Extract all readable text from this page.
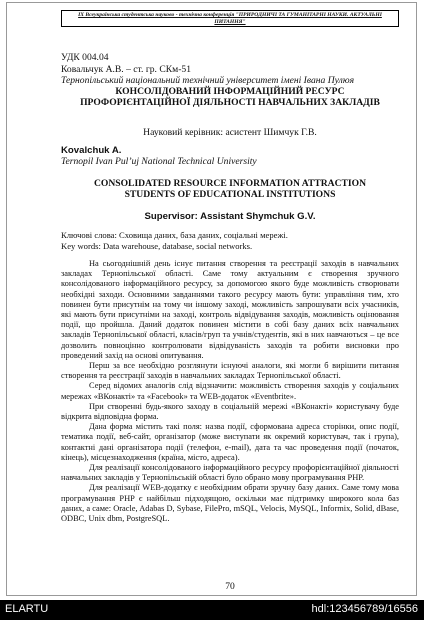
IX Всеукраїнська студентська науково - технічна конференція "ПРИРОДНИЧІ ТА ГУМАНІТАРНІ НАУКИ. АКТУАЛЬНІ ПИТАННЯ"
УДК 004.04
Ковальчук А.В. – ст. гр. СКм-51
Тернопільський національний технічний університет імені Івана Пулюя
КОНСОЛІДОВАНИЙ ІНФОРМАЦІЙНИЙ РЕСУРС
ПРОФОРІЄНТАЦІЙНОЇ ДІЯЛЬНОСТІ НАВЧАЛЬНИХ ЗАКЛАДІВ
Науковий керівник: асистент Шимчук Г.В.
Kovalchuk A.
Ternopil Ivan Pul’uj National Technical University
CONSOLIDATED RESOURCE INFORMATION ATTRACTION
STUDENTS OF EDUCATIONAL INSTITUTIONS
Supervisor: Assistant Shymchuk G.V.
Ключові слова: Сховища даних, база даних, соціальні мережі.
Key words: Data warehouse, database, social networks.

На сьогоднішній день існує питання створення та реєстрації заходів в навчальних закладах Тернопільської області. Саме тому актуальним є створення зручного консолідованого інформаційного ресурсу, за допомогою якого буде можливість створювати необхідні заходи. Основними завданнями такого ресурсу мають бути: управління тим, хто повинен бути присутнім на тому чи іншому заході, можливість запрошувати всіх учасників, які мають бути присутніми на заході, контроль відвідування заходів, можливість оцінювання події, що пройшла. Даний додаток повинен містити в собі базу даних всіх навчальних закладів Тернопільської області, класів/груп та учнів/студентів, які в них навчаються – це все дозволить повноцінно контролювати відвідуваність заходів та робити висновки про проведений захід на основі опитування.

Перш за все необхідно розглянути існуючі аналоги, які могли б вирішити питання створення та реєстрації заходів в навчальних закладах Тернопільської області.

Серед відомих аналогів слід відзначити: можливість створення заходів у соціальних мережах «ВКонакті» та «Facebook» та WEB-додаток «Eventbrite».

При створенні будь-якого заходу в соціальній мережі «ВКонакті» користувачу буде відкрита відповідна форма.

Дана форма містить такі поля: назва події, сформована адреса сторінки, опис події, тематика події, веб-сайт, організатор (може виступати як окремий користувач, так і група), контактні дані організатора події (телефон, e-mail), дата та час проведення події (початок, кінець), місцезнаходження (країна, місто, адреса).

Для реалізації консолідованого інформаційного ресурсу профорієнтаційної діяльності навчальних закладів у Тернопільській області було обрано мову програмування PHP.

Для реалізації WEB-додатку є необхідним обрати зручну базу даних. Саме тому мова програмування PHP є найбільш підходящою, оскільки має підтримку широкого кола баз даних, а саме: Oracle, Adabas D, Sybase, FilePro, mSQL, Velocis, MySQL, Informix, Solid, dBase, ODBC, Unix dbm, PostgreSQL.

70
ELARTU	hdl:123456789/16556
